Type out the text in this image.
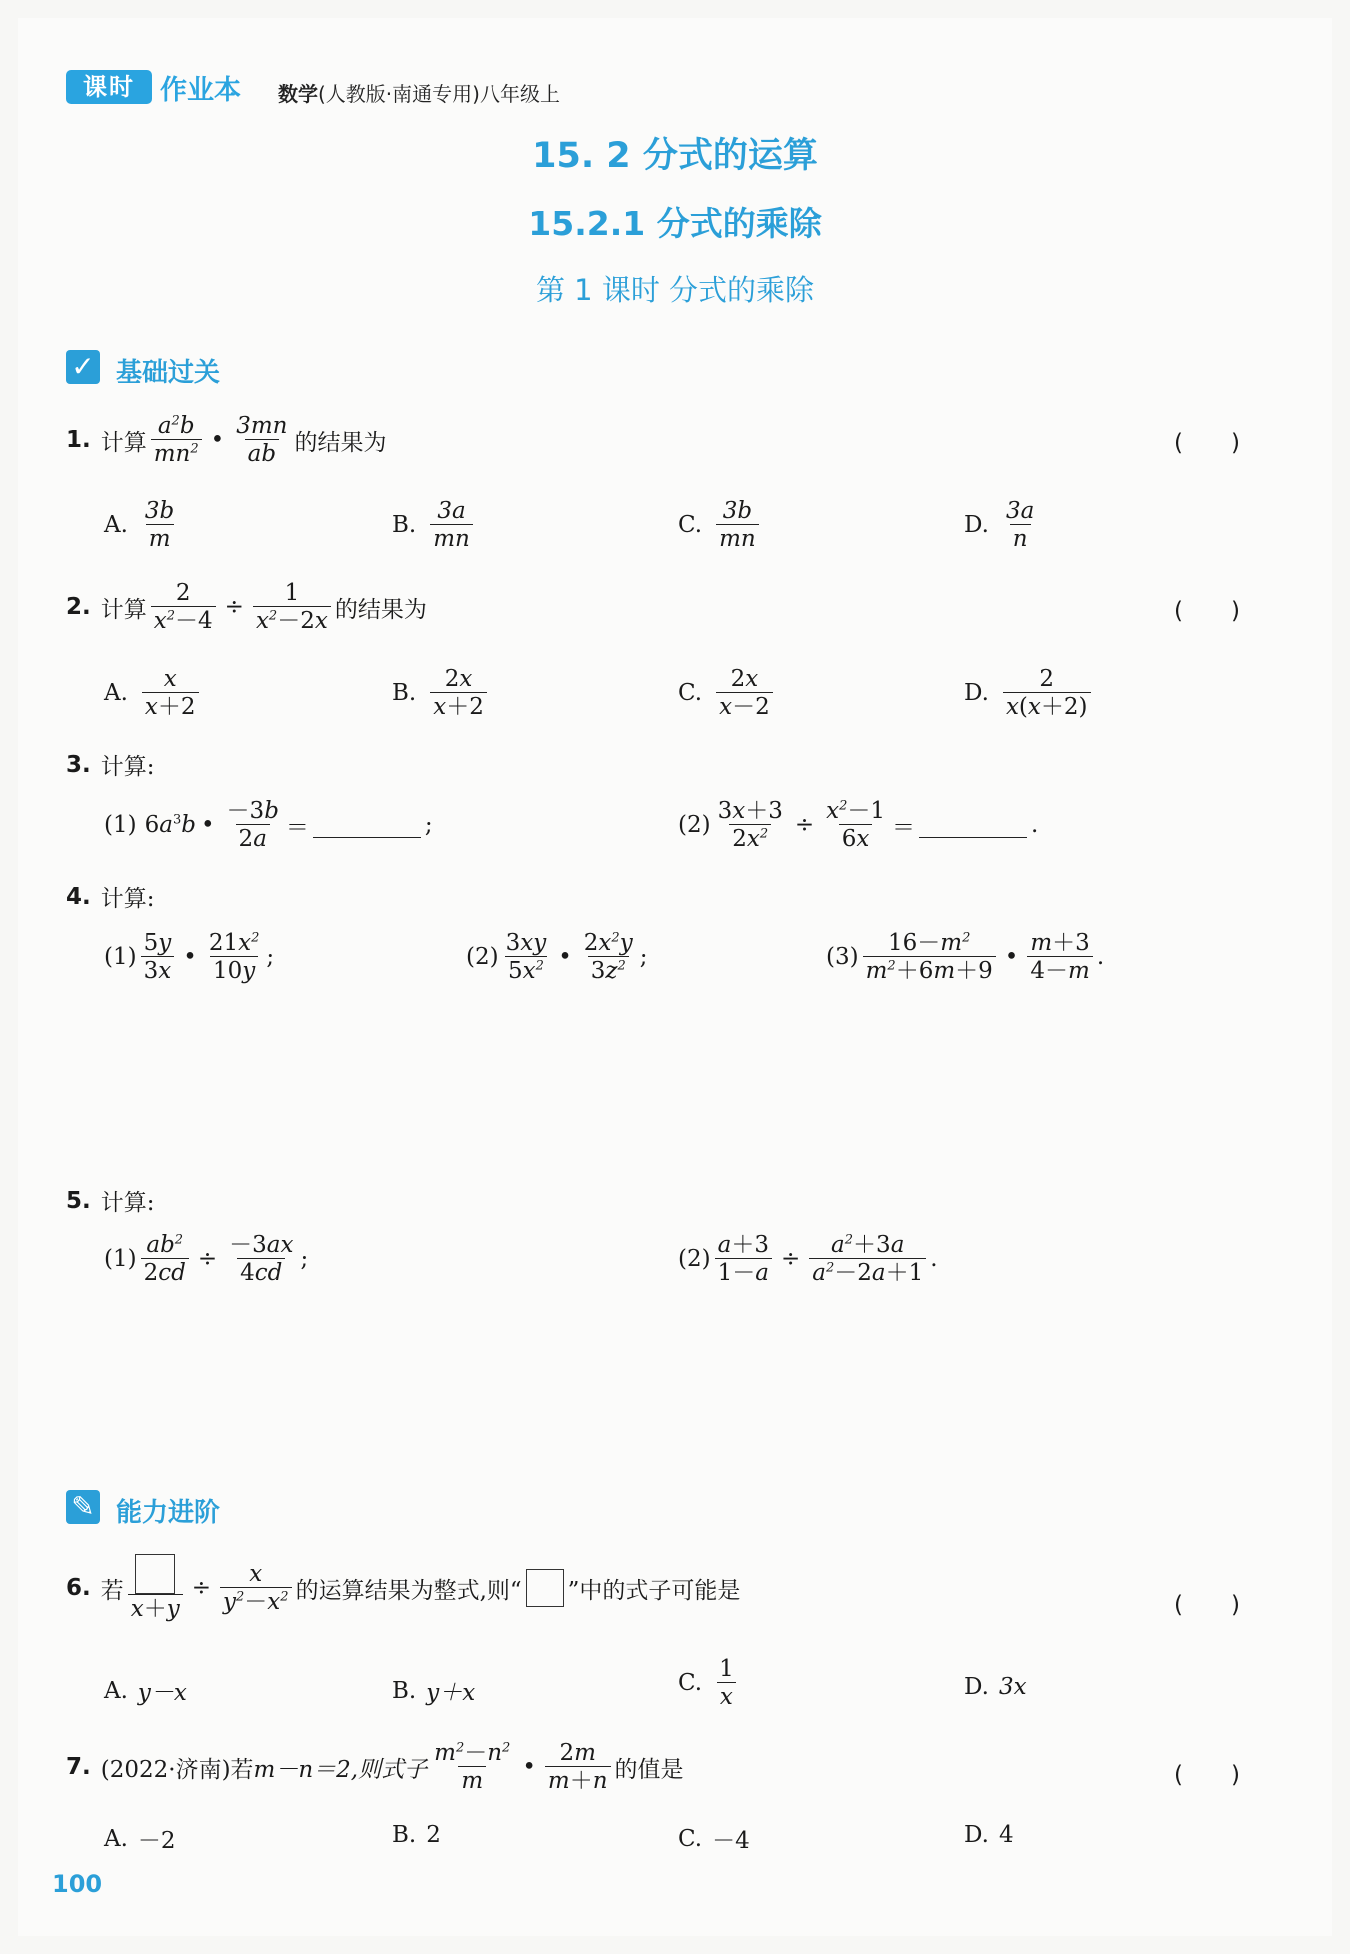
课时 作业本 数学(人教版·南通专用)八年级上
15. 2 分式的运算
15.2.1 分式的乘除
第 1 课时 分式的乘除
✓ 基础过关
1. 计算 $\frac{a^2b}{mn^2}$ • $\frac{3mn}{ab}$ 的结果为	( )
A. $\frac{3b}{m}$	B. $\frac{3a}{mn}$	C. $\frac{3b}{mn}$	D. $\frac{3a}{n}$
2. 计算 $\frac{2}{x^2-4} \div \frac{1}{x^2-2x}$ 的结果为	( )
A. $\frac{x}{x+2}$	B. $\frac{2x}{x+2}$	C. $\frac{2x}{x-2}$	D. $\frac{2}{x(x+2)}$
3. 计算:
(1) $6a^3b$ • $\frac{-3b}{2a}$ ＝	;	$(2) \frac{3x+3}{2x^2} \div \frac{x^2-1}{6x}$ ＝	.
4. 计算:
$(1) \frac{5y}{3x}$ • $\frac{21x^2}{10y}$ ;	$(2) \frac{3xy}{5x^2}$ • $\frac{2x^2y}{3z^2}$ ;	$(3) \frac{16-m^2}{m^2+6m+9}$ • $\frac{m+3}{4-m}$ .
5. 计算:
$(1) \frac{ab^2}{2cd} \div \frac{-3ax}{4cd}$ ;	$(2) \frac{a+3}{1-a} \div \frac{a^2+3a}{a^2-2a+1}$ .
✎ 能力进阶
6. 若
x＋y
÷ $\frac{x}{y^2-x^2}$ 的运算结果为整式,则“ ”中的式子可能是
( )
A. y－x	B. y＋x	C. $\frac{1}{x}$	D. 3x
7. (2022·济南)若 m－n＝2,则式子 $\frac{m^2-n^2}{m}$ • $\frac{2m}{m+n}$ 的值是	( )
A. －2	B. 2	C. －4	D. 4
100
